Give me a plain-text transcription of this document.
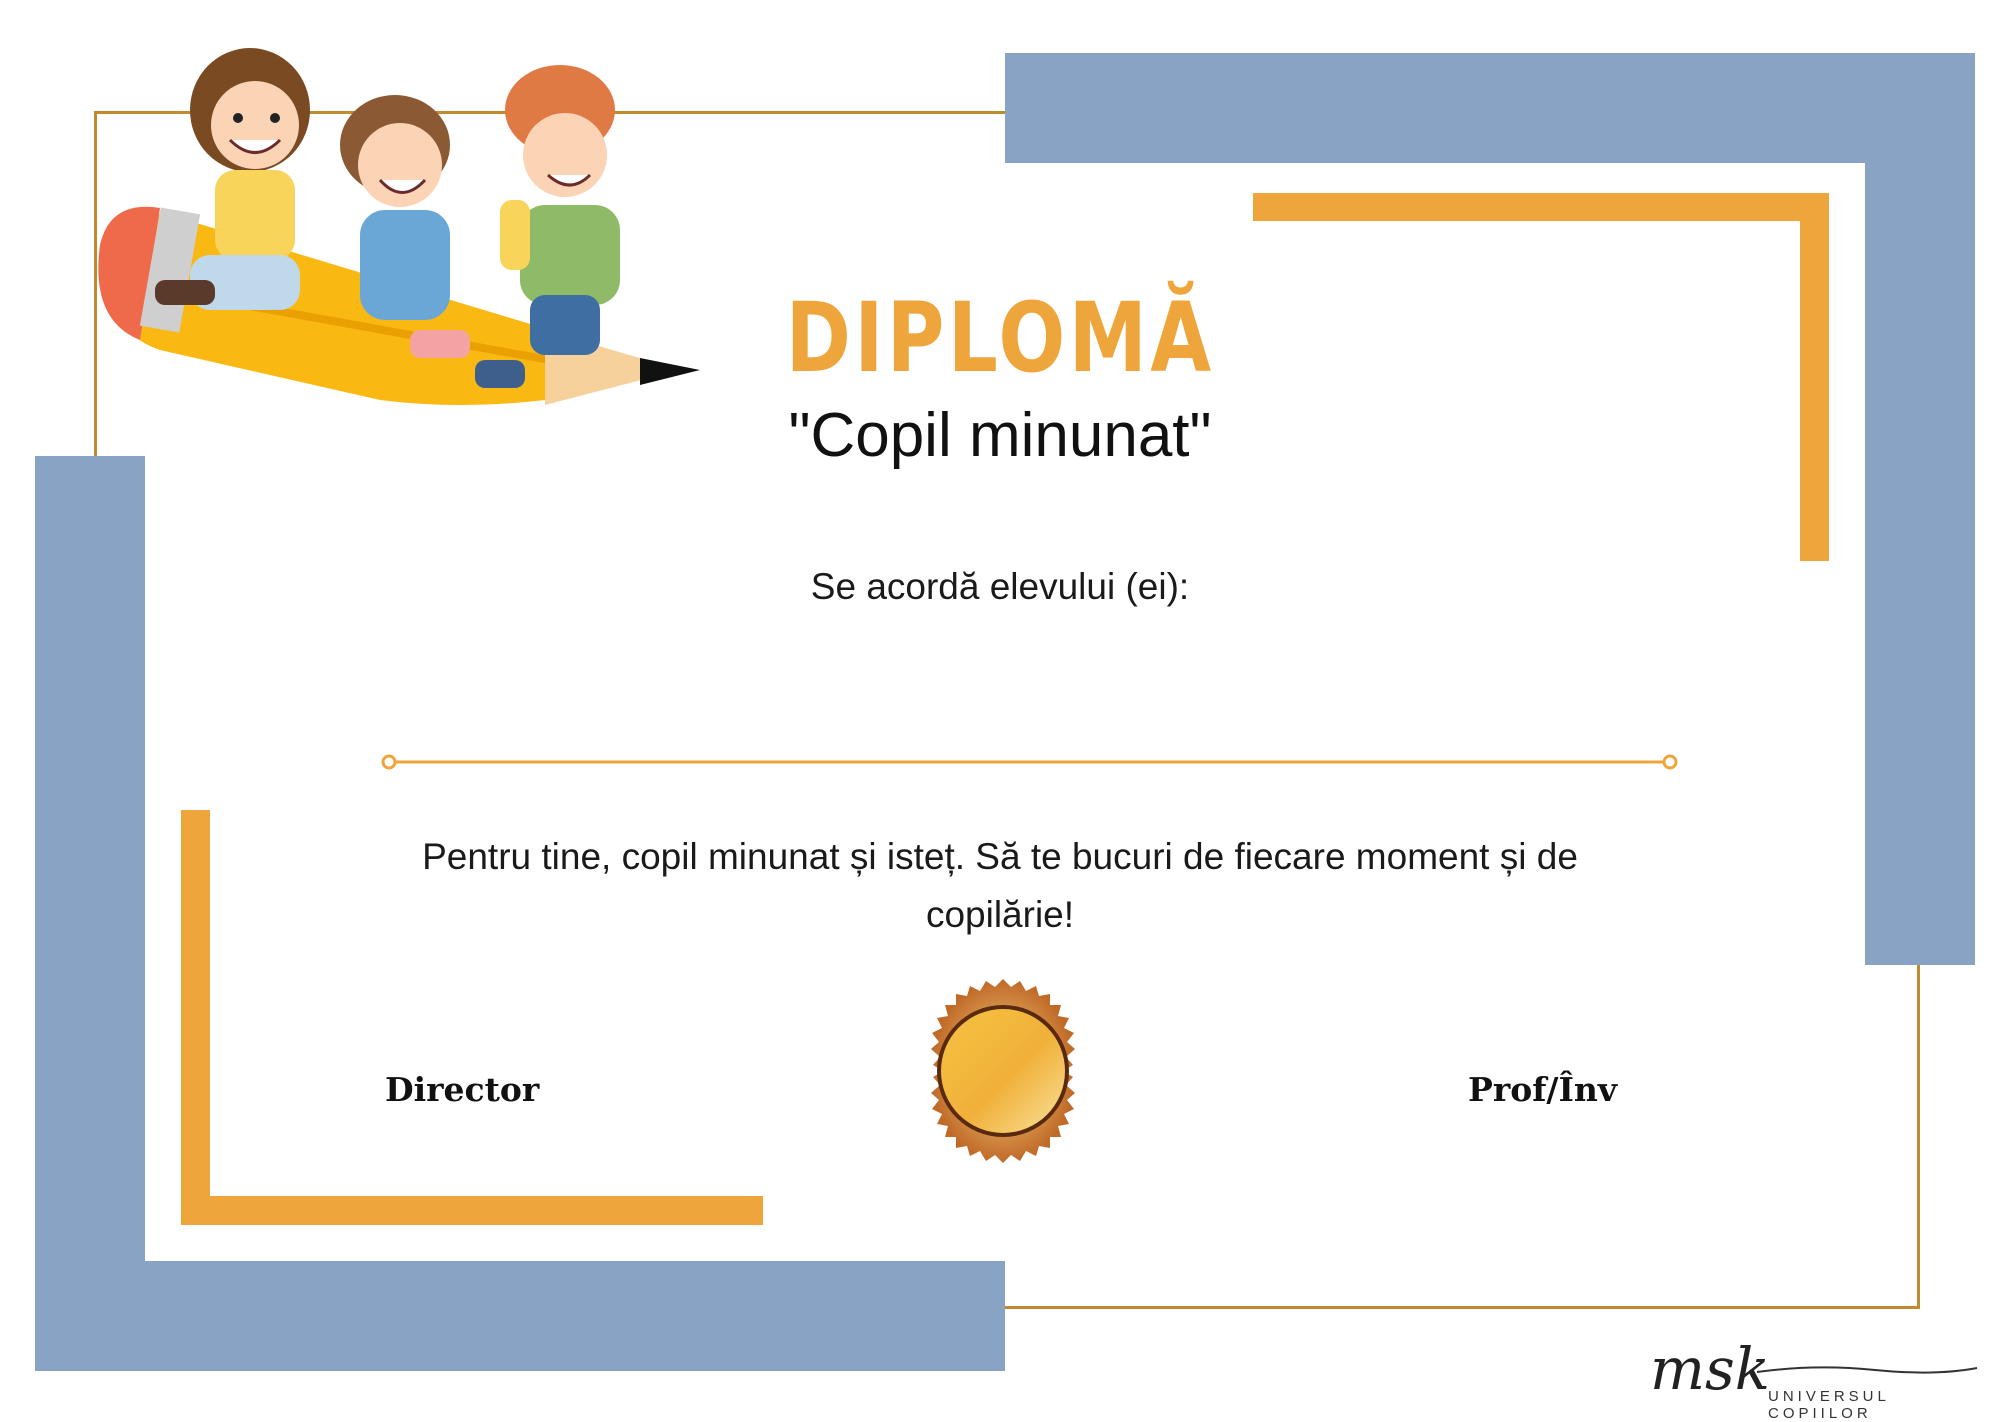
DIPLOMĂ
"Copil minunat"
Se acordă elevului (ei):
Pentru tine, copil minunat și isteț. Să te bucuri de fiecare moment și de copilărie!
Director	Prof/Înv
msk
UNIVERSUL COPIILOR
